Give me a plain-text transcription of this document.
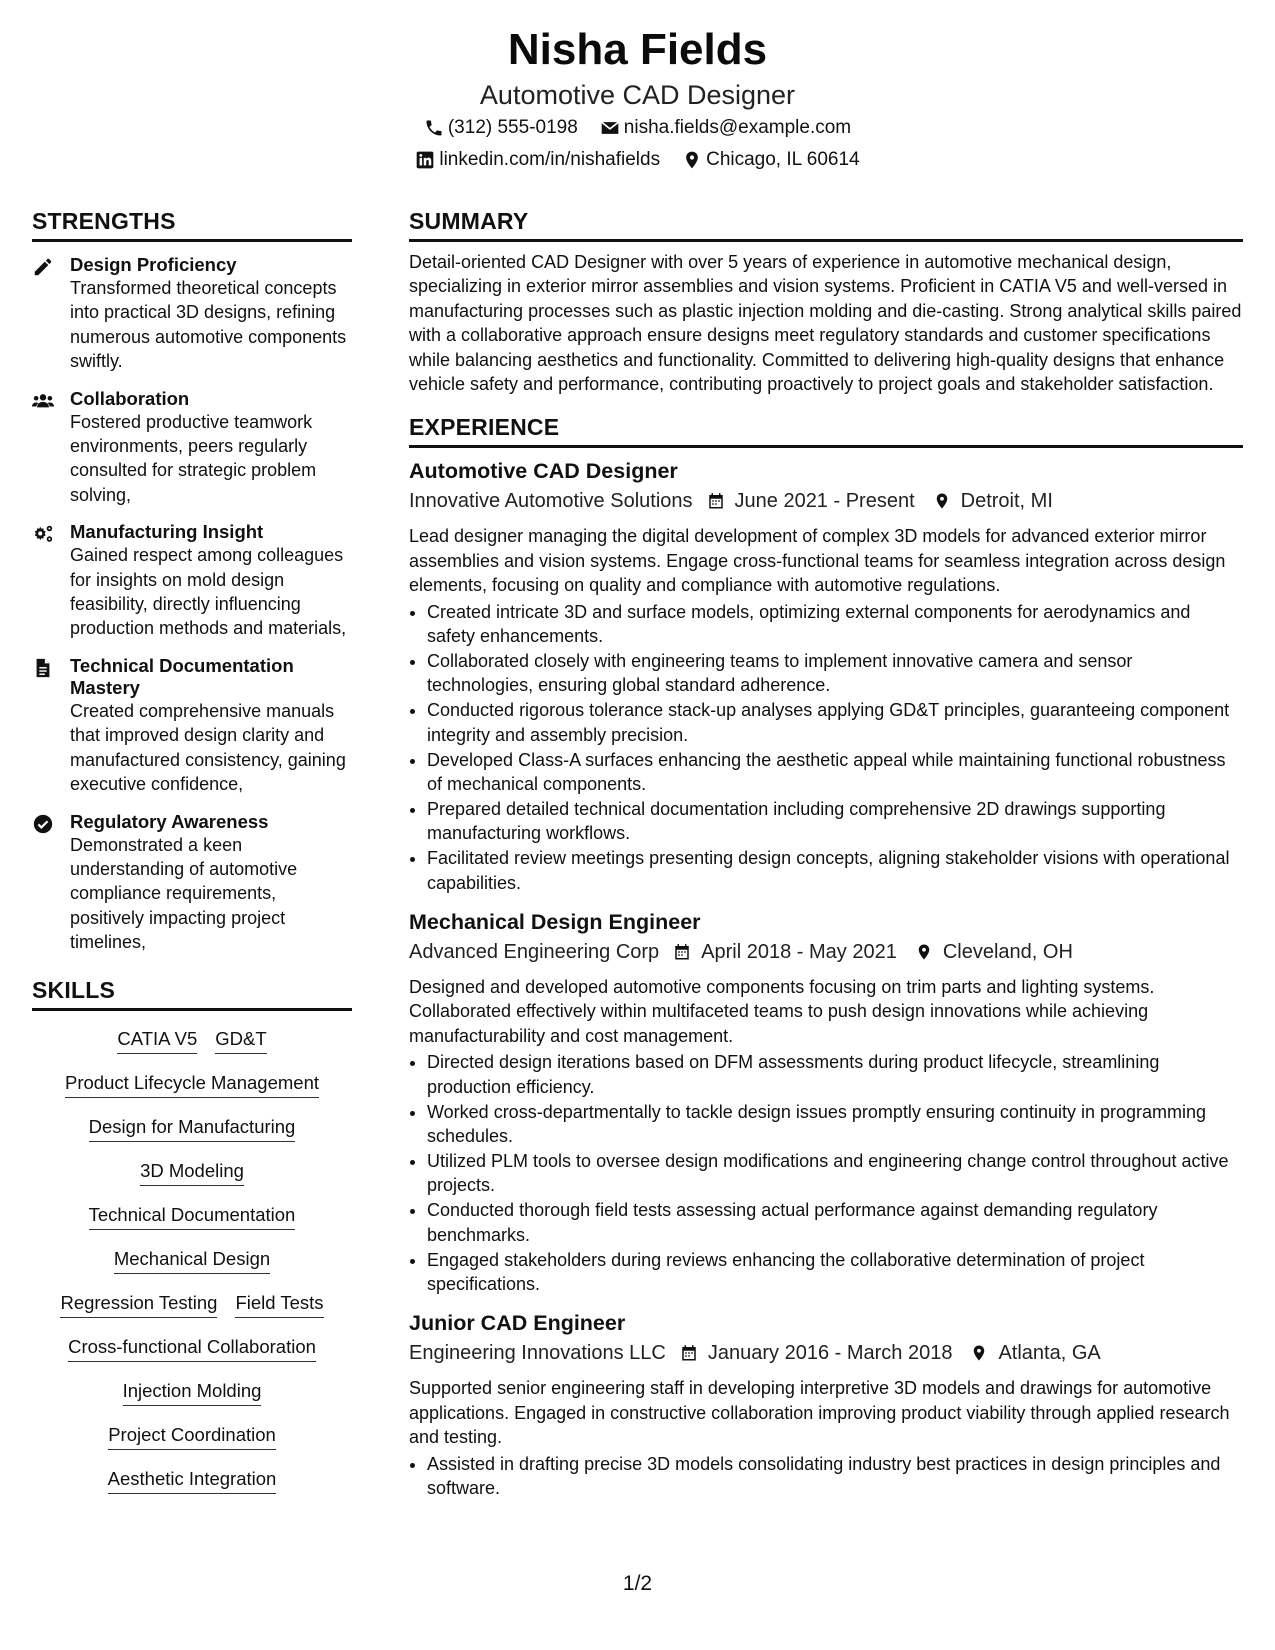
Nisha Fields

Automotive CAD Designer

(312) 555-0198 nisha.fields@example.com
linkedin.com/in/nishafields Chicago, IL 60614
STRENGTHS
Design Proficiency
Transformed theoretical concepts into practical 3D designs, refining numerous automotive components swiftly.
Collaboration
Fostered productive teamwork environments, peers regularly consulted for strategic problem solving,
Manufacturing Insight
Gained respect among colleagues for insights on mold design feasibility, directly influencing production methods and materials,
Technical Documentation Mastery
Created comprehensive manuals that improved design clarity and manufactured consistency, gaining executive confidence,
Regulatory Awareness
Demonstrated a keen understanding of automotive compliance requirements, positively impacting project timelines,
SKILLS
CATIA V5 GD&T
Product Lifecycle Management
Design for Manufacturing
3D Modeling
Technical Documentation
Mechanical Design
Regression Testing Field Tests
Cross-functional Collaboration
Injection Molding
Project Coordination
Aesthetic Integration
SUMMARY

Detail-oriented CAD Designer with over 5 years of experience in automotive mechanical design, specializing in exterior mirror assemblies and vision systems. Proficient in CATIA V5 and well-versed in manufacturing processes such as plastic injection molding and die-casting. Strong analytical skills paired with a collaborative approach ensure designs meet regulatory standards and customer specifications while balancing aesthetics and functionality. Committed to delivering high-quality designs that enhance vehicle safety and performance, contributing proactively to project goals and stakeholder satisfaction.

EXPERIENCE
Automotive CAD Designer
Innovative Automotive Solutions June 2021 - Present Detroit, MI

Lead designer managing the digital development of complex 3D models for advanced exterior mirror assemblies and vision systems. Engage cross-functional teams for seamless integration across design elements, focusing on quality and compliance with automotive regulations.

• Created intricate 3D and surface models, optimizing external components for aerodynamics and safety enhancements.
• Collaborated closely with engineering teams to implement innovative camera and sensor technologies, ensuring global standard adherence.
• Conducted rigorous tolerance stack-up analyses applying GD&T principles, guaranteeing component integrity and assembly precision.
• Developed Class-A surfaces enhancing the aesthetic appeal while maintaining functional robustness of mechanical components.
• Prepared detailed technical documentation including comprehensive 2D drawings supporting manufacturing workflows.
• Facilitated review meetings presenting design concepts, aligning stakeholder visions with operational capabilities.
Mechanical Design Engineer
Advanced Engineering Corp April 2018 - May 2021 Cleveland, OH

Designed and developed automotive components focusing on trim parts and lighting systems. Collaborated effectively within multifaceted teams to push design innovations while achieving manufacturability and cost management.

• Directed design iterations based on DFM assessments during product lifecycle, streamlining production efficiency.
• Worked cross-departmentally to tackle design issues promptly ensuring continuity in programming schedules.
• Utilized PLM tools to oversee design modifications and engineering change control throughout active projects.
• Conducted thorough field tests assessing actual performance against demanding regulatory benchmarks.
• Engaged stakeholders during reviews enhancing the collaborative determination of project specifications.
Junior CAD Engineer
Engineering Innovations LLC January 2016 - March 2018 Atlanta, GA

Supported senior engineering staff in developing interpretive 3D models and drawings for automotive applications. Engaged in constructive collaboration improving product viability through applied research and testing.

• Assisted in drafting precise 3D models consolidating industry best practices in design principles and software.
1/2
